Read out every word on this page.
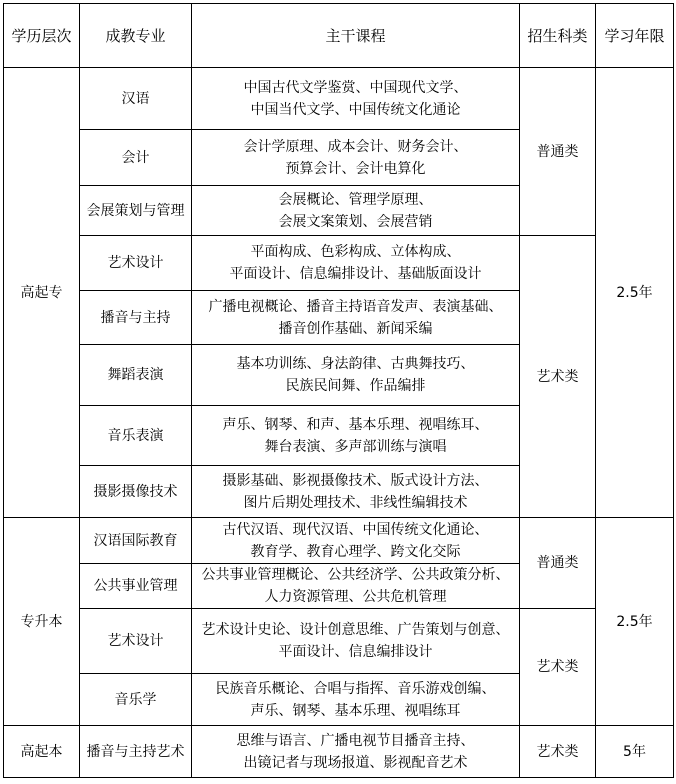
学历层次	成教专业	主干课程	招生科类	学习年限
高起专	汉语	中国古代文学鉴赏、中国现代文学、
中国当代文学、中国传统文化通论	普通类	2.5年
	会计	会计学原理、成本会计、财务会计、
预算会计、会计电算化		

	会展策划与管理	会展概论、管理学原理、
会展文案策划、会展营销		

	艺术设计	平面构成、色彩构成、立体构成、
平面设计、信息编排设计、基础版面设计	艺术类	
	播音与主持	广播电视概论、播音主持语音发声、表演基础、
播音创作基础、新闻采编		

	舞蹈表演	基本功训练、身法韵律、古典舞技巧、
民族民间舞、作品编排		

	音乐表演	声乐、钢琴、和声、基本乐理、视唱练耳、
舞台表演、多声部训练与演唱		

	摄影摄像技术	摄影基础、影视摄像技术、版式设计方法、
图片后期处理技术、非线性编辑技术		

专升本	汉语国际教育	古代汉语、现代汉语、中国传统文化通论、
教育学、教育心理学、跨文化交际	普通类	2.5年
	公共事业管理	公共事业管理概论、公共经济学、公共政策分析、
人力资源管理、公共危机管理		

	艺术设计	艺术设计史论、设计创意思维、广告策划与创意、
平面设计、信息编排设计	艺术类	
	音乐学	民族音乐概论、合唱与指挥、音乐游戏创编、
声乐、钢琴、基本乐理、视唱练耳		

高起本	播音与主持艺术	思维与语言、广播电视节目播音主持、
出镜记者与现场报道、影视配音艺术	艺术类	5年
